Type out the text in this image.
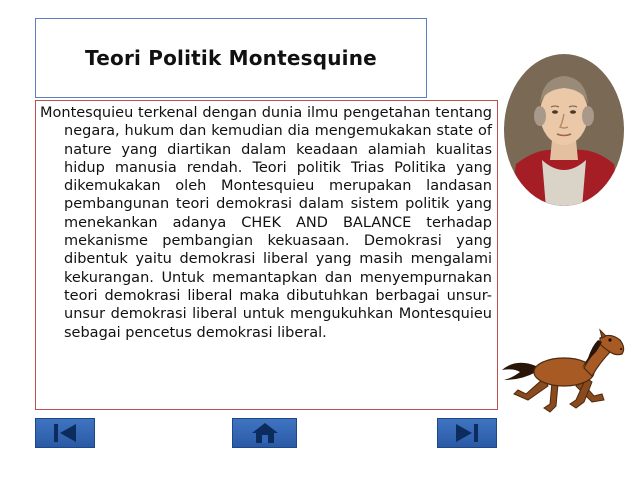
Teori Politik Montesquine

Montesquieu terkenal dengan dunia ilmu pengetahan tentang negara, hukum dan kemudian dia mengemukakan state of nature yang diartikan dalam keadaan alamiah kualitas hidup manusia rendah. Teori politik Trias Politika yang dikemukakan oleh Montesquieu merupakan landasan pembangunan teori demokrasi dalam sistem politik yang menekankan adanya CHEK AND BALANCE terhadap mekanisme pembangian kekuasaan. Demokrasi yang dibentuk yaitu demokrasi liberal yang masih mengalami kekurangan. Untuk memantapkan dan menyempurnakan teori demokrasi liberal maka dibutuhkan berbagai unsur-unsur demokrasi liberal untuk mengukuhkan Montesquieu sebagai pencetus demokrasi liberal.
